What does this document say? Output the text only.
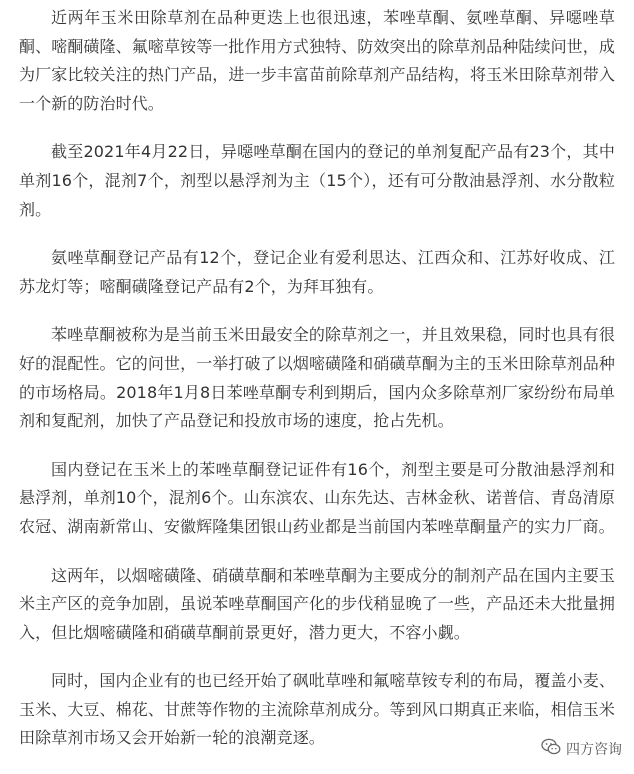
近两年玉米田除草剂在品种更迭上也很迅速，苯唑草酮、氨唑草酮、异噁唑草酮、嘧酮磺隆、氟嘧草铵等一批作用方式独特、防效突出的除草剂品种陆续问世，成为厂家比较关注的热门产品，进一步丰富苗前除草剂产品结构，将玉米田除草剂带入一个新的防治时代。

截至2021年4月22日，异噁唑草酮在国内的登记的单剂复配产品有23个，其中单剂16个，混剂7个，剂型以悬浮剂为主（15个），还有可分散油悬浮剂、水分散粒剂。

氨唑草酮登记产品有12个，登记企业有爱利思达、江西众和、江苏好收成、江苏龙灯等；嘧酮磺隆登记产品有2个，为拜耳独有。

苯唑草酮被称为是当前玉米田最安全的除草剂之一，并且效果稳，同时也具有很好的混配性。它的问世，一举打破了以烟嘧磺隆和硝磺草酮为主的玉米田除草剂品种的市场格局。2018年1月8日苯唑草酮专利到期后，国内众多除草剂厂家纷纷布局单剂和复配剂，加快了产品登记和投放市场的速度，抢占先机。

国内登记在玉米上的苯唑草酮登记证件有16个，剂型主要是可分散油悬浮剂和悬浮剂，单剂10个，混剂6个。山东滨农、山东先达、吉林金秋、诺普信、青岛清原农冠、湖南新常山、安徽辉隆集团银山药业都是当前国内苯唑草酮量产的实力厂商。

这两年，以烟嘧磺隆、硝磺草酮和苯唑草酮为主要成分的制剂产品在国内主要玉米主产区的竞争加剧，虽说苯唑草酮国产化的步伐稍显晚了一些，产品还未大批量拥入，但比烟嘧磺隆和硝磺草酮前景更好，潜力更大，不容小觑。

同时，国内企业有的也已经开始了砜吡草唑和氟嘧草铵专利的布局，覆盖小麦、玉米、大豆、棉花、甘蔗等作物的主流除草剂成分。等到风口期真正来临，相信玉米田除草剂市场又会开始新一轮的浪潮竞逐。

四方咨询
